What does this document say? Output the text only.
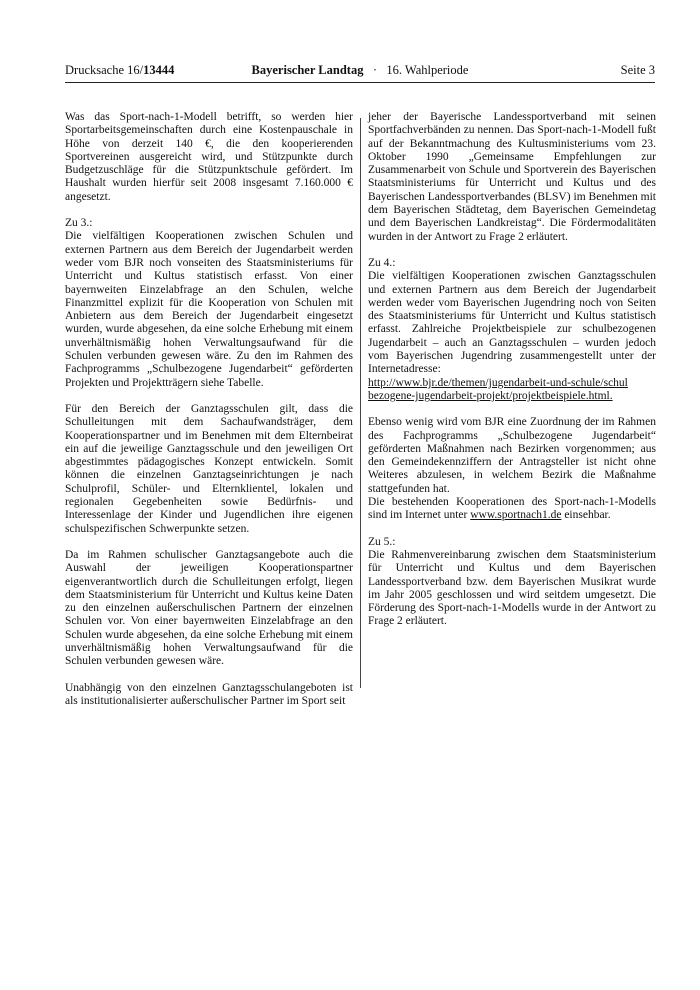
Drucksache 16/13444	Bayerischer Landtag · 16. Wahlperiode	Seite 3

Was das Sport-nach-1-Modell betrifft, so werden hier Sportarbeitsgemeinschaften durch eine Kostenpauschale in Höhe von derzeit 140 €, die den kooperierenden Sportvereinen ausgereicht wird, und Stützpunkte durch Budgetzuschläge für die Stützpunktschule gefördert. Im Haushalt wurden hierfür seit 2008 insgesamt 7.160.000 € angesetzt.

Zu 3.:

Die vielfältigen Kooperationen zwischen Schulen und externen Partnern aus dem Bereich der Jugendarbeit werden weder vom BJR noch vonseiten des Staatsministeriums für Unterricht und Kultus statistisch erfasst. Von einer bayernweiten Einzelabfrage an den Schulen, welche Finanzmittel explizit für die Kooperation von Schulen mit Anbietern aus dem Bereich der Jugendarbeit eingesetzt wurden, wurde abgesehen, da eine solche Erhebung mit einem unverhältnismäßig hohen Verwaltungsaufwand für die Schulen verbunden gewesen wäre. Zu den im Rahmen des Fachprogramms „Schulbezogene Jugendarbeit“ geförderten Projekten und Projektträgern siehe Tabelle.

Für den Bereich der Ganztagsschulen gilt, dass die Schulleitungen mit dem Sachaufwandsträger, dem Kooperationspartner und im Benehmen mit dem Elternbeirat ein auf die jeweilige Ganztagsschule und den jeweiligen Ort abgestimmtes pädagogisches Konzept entwickeln. Somit können die einzelnen Ganztagseinrichtungen je nach Schulprofil, Schüler- und Elternklientel, lokalen und regionalen Gegebenheiten sowie Bedürfnis- und Interessenlage der Kinder und Jugendlichen ihre eigenen schulspezifischen Schwerpunkte setzen.

Da im Rahmen schulischer Ganztagsangebote auch die Auswahl der jeweiligen Kooperationspartner eigenverantwortlich durch die Schulleitungen erfolgt, liegen dem Staatsministerium für Unterricht und Kultus keine Daten zu den einzelnen außerschulischen Partnern der einzelnen Schulen vor. Von einer bayernweiten Einzelabfrage an den Schulen wurde abgesehen, da eine solche Erhebung mit einem unverhältnismäßig hohen Verwaltungsaufwand für die Schulen verbunden gewesen wäre.

Unabhängig von den einzelnen Ganztagsschulangeboten ist als institutionalisierter außerschulischer Partner im Sport seit

jeher der Bayerische Landessportverband mit seinen Sportfachverbänden zu nennen. Das Sport-nach-1-Modell fußt auf der Bekanntmachung des Kultusministeriums vom 23. Oktober 1990 „Gemeinsame Empfehlungen zur Zusammenarbeit von Schule und Sportverein des Bayerischen Staatsministeriums für Unterricht und Kultus und des Bayerischen Landessportverbandes (BLSV) im Benehmen mit dem Bayerischen Städtetag, dem Bayerischen Gemeindetag und dem Bayerischen Landkreistag“. Die Fördermodalitäten wurden in der Antwort zu Frage 2 erläutert.

Zu 4.:

Die vielfältigen Kooperationen zwischen Ganztagsschulen und externen Partnern aus dem Bereich der Jugendarbeit werden weder vom Bayerischen Jugendring noch von Seiten des Staatsministeriums für Unterricht und Kultus statistisch erfasst. Zahlreiche Projektbeispiele zur schulbezogenen Jugendarbeit – auch an Ganztagsschulen – wurden jedoch vom Bayerischen Jugendring zusammengestellt unter der Internetadresse:

http://www.bjr.de/themen/jugendarbeit-und-schule/schul
bezogene-jugendarbeit-projekt/projektbeispiele.html.

Ebenso wenig wird vom BJR eine Zuordnung der im Rahmen des Fachprogramms „Schulbezogene Jugendarbeit“ geförderten Maßnahmen nach Bezirken vorgenommen; aus den Gemeindekennziffern der Antragsteller ist nicht ohne Weiteres abzulesen, in welchem Bezirk die Maßnahme stattgefunden hat.

Die bestehenden Kooperationen des Sport-nach-1-Modells sind im Internet unter www.sportnach1.de einsehbar.

Zu 5.:

Die Rahmenvereinbarung zwischen dem Staatsministerium für Unterricht und Kultus und dem Bayerischen Landessportverband bzw. dem Bayerischen Musikrat wurde im Jahr 2005 geschlossen und wird seitdem umgesetzt. Die Förderung des Sport-nach-1-Modells wurde in der Antwort zu Frage 2 erläutert.
